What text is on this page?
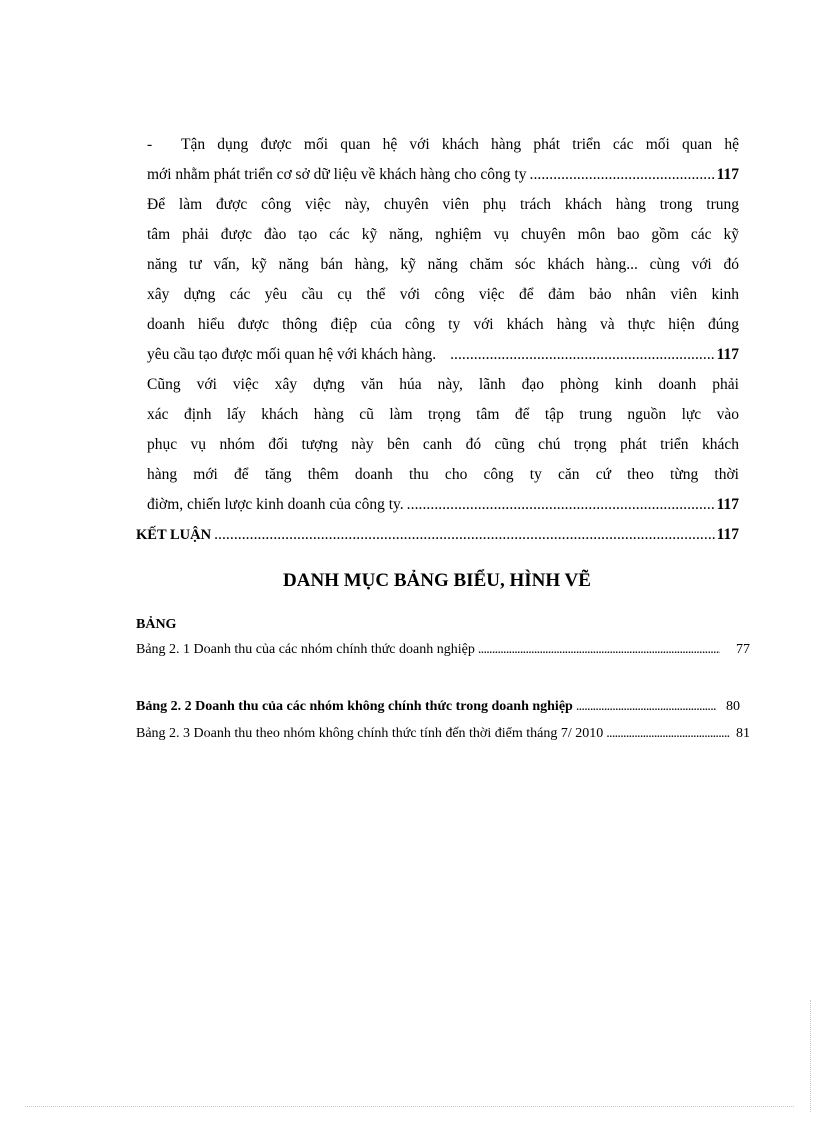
- Tận dụng được mối quan hệ với khách hàng phát triển các mối quan hệ
mới nhằm phát triển cơ sở dữ liệu về khách hàng cho công ty . . .	117
Để làm được công việc này, chuyên viên phụ trách khách hàng trong trung
tâm phải được đào tạo các kỹ năng, nghiệm vụ chuyên môn bao gồm các kỹ
năng tư vấn, kỹ năng bán hàng, kỹ năng chăm sóc khách hàng... cùng với đó
xây dựng các yêu cầu cụ thể với công việc để đảm bảo nhân viên kinh
doanh hiểu được thông điệp của công ty với khách hàng và thực hiện đúng
yêu cầu tạo được mối quan hệ với khách hàng. . . .	117
Cũng với việc xây dựng văn húa này, lãnh đạo phòng kinh doanh phải
xác định lấy khách hàng cũ làm trọng tâm để tập trung nguồn lực vào
phục vụ nhóm đối tượng này bên canh đó cũng chú trọng phát triển khách
hàng mới để tăng thêm doanh thu cho công ty căn cứ theo từng thời
điờm, chiến lược kinh doanh của công ty. . . .	117
KẾT LUẬN . . .	117
DANH MỤC BẢNG BIỂU, HÌNH VẼ
BẢNG
Bảng 2. 1 Doanh thu của các nhóm chính thức doanh nghiệp . . .	77
Bảng 2. 2 Doanh thu của các nhóm không chính thức trong doanh nghiệp . . .	80
Bảng 2. 3 Doanh thu theo nhóm không chính thức tính đến thời điểm tháng 7/ 2010 . . .	81
